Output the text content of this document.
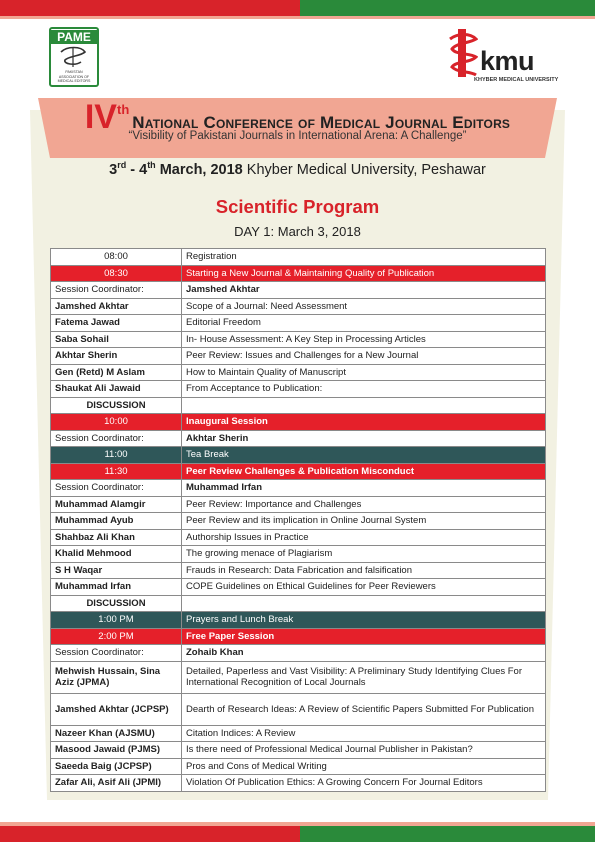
PAME
PAKISTAN ASSOCIATION OF MEDICAL EDITORS
kmu
KHYBER MEDICAL UNIVERSITY
IV th
National Conference of Medical Journal Editors
“Visibility of Pakistani Journals in International Arena: A Challenge”
3rd - 4th March, 2018 Khyber Medical University, Peshawar
Scientific Program
DAY 1: March 3, 2018
08:00	Registration
08:30	Starting a New Journal & Maintaining Quality of Publication
Session Coordinator:	Jamshed Akhtar
Jamshed Akhtar	Scope of a Journal: Need Assessment
Fatema Jawad	Editorial Freedom
Saba Sohail	In- House Assessment: A Key Step in Processing Articles
Akhtar Sherin	Peer Review: Issues and Challenges for a New Journal
Gen (Retd) M Aslam	How to Maintain Quality of Manuscript
Shaukat Ali Jawaid	From Acceptance to Publication:
DISCUSSION	
10:00	Inaugural Session
Session Coordinator:	Akhtar Sherin
11:00	Tea Break
11:30	Peer Review Challenges & Publication Misconduct
Session Coordinator:	Muhammad Irfan
Muhammad Alamgir	Peer Review: Importance and Challenges
Muhammad Ayub	Peer Review and its implication in Online Journal System
Shahbaz Ali Khan	Authorship Issues in Practice
Khalid Mehmood	The growing menace of Plagiarism
S H Waqar	Frauds in Research: Data Fabrication and falsification
Muhammad Irfan	COPE Guidelines on Ethical Guidelines for Peer Reviewers
DISCUSSION	
1:00 PM	Prayers and Lunch Break
2:00 PM	Free Paper Session
Session Coordinator:	Zohaib Khan
Mehwish Hussain, Sina Aziz (JPMA)	Detailed, Paperless and Vast Visibility: A Preliminary Study Identifying Clues For International Recognition of Local Journals
Jamshed Akhtar (JCPSP)	Dearth of Research Ideas: A Review of Scientific Papers Submitted For Publication
Nazeer Khan (AJSMU)	Citation Indices: A Review
Masood Jawaid (PJMS)	Is there need of Professional Medical Journal Publisher in Pakistan?
Saeeda Baig (JCPSP)	Pros and Cons of Medical Writing
Zafar Ali, Asif Ali (JPMI)	Violation Of Publication Ethics: A Growing Concern For Journal Editors
